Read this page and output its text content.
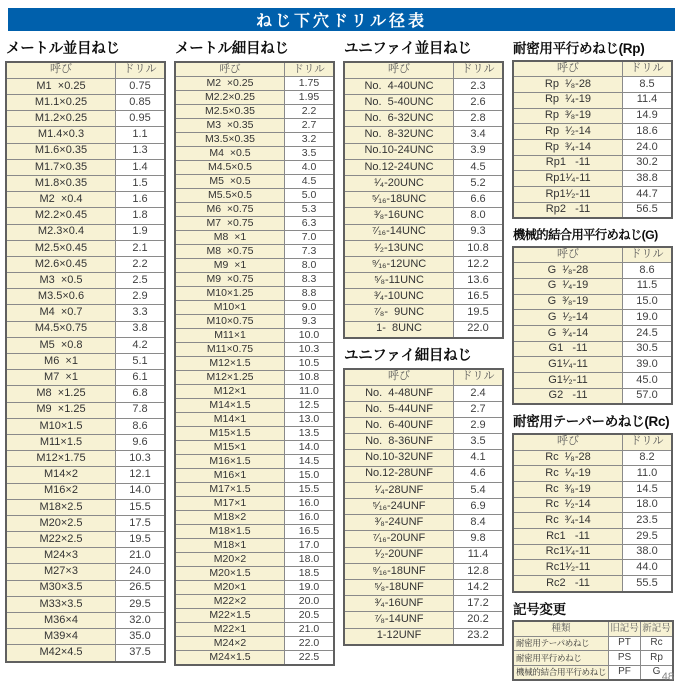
ねじ下穴ドリル径表
メートル並目ねじ
呼び	ドリル
M1  ×0.25	0.75
M1.1×0.25	0.85
M1.2×0.25	0.95
M1.4×0.3	1.1
M1.6×0.35	1.3
M1.7×0.35	1.4
M1.8×0.35	1.5
M2  ×0.4	1.6
M2.2×0.45	1.8
M2.3×0.4	1.9
M2.5×0.45	2.1
M2.6×0.45	2.2
M3  ×0.5	2.5
M3.5×0.6	2.9
M4  ×0.7	3.3
M4.5×0.75	3.8
M5  ×0.8	4.2
M6  ×1	5.1
M7  ×1	6.1
M8  ×1.25	6.8
M9  ×1.25	7.8
M10×1.5	8.6
M11×1.5	9.6
M12×1.75	10.3
M14×2	12.1
M16×2	14.0
M18×2.5	15.5
M20×2.5	17.5
M22×2.5	19.5
M24×3	21.0
M27×3	24.0
M30×3.5	26.5
M33×3.5	29.5
M36×4	32.0
M39×4	35.0
M42×4.5	37.5
メートル細目ねじ
呼び	ドリル
M2  ×0.25	1.75
M2.2×0.25	1.95
M2.5×0.35	2.2
M3  ×0.35	2.7
M3.5×0.35	3.2
M4  ×0.5	3.5
M4.5×0.5	4.0
M5  ×0.5	4.5
M5.5×0.5	5.0
M6  ×0.75	5.3
M7  ×0.75	6.3
M8  ×1	7.0
M8  ×0.75	7.3
M9  ×1	8.0
M9  ×0.75	8.3
M10×1.25	8.8
M10×1	9.0
M10×0.75	9.3
M11×1	10.0
M11×0.75	10.3
M12×1.5	10.5
M12×1.25	10.8
M12×1	11.0
M14×1.5	12.5
M14×1	13.0
M15×1.5	13.5
M15×1	14.0
M16×1.5	14.5
M16×1	15.0
M17×1.5	15.5
M17×1	16.0
M18×2	16.0
M18×1.5	16.5
M18×1	17.0
M20×2	18.0
M20×1.5	18.5
M20×1	19.0
M22×2	20.0
M22×1.5	20.5
M22×1	21.0
M24×2	22.0
M24×1.5	22.5
ユニファイ並目ねじ
呼び	ドリル
No.  4-40UNC	2.3
No.  5-40UNC	2.6
No.  6-32UNC	2.8
No.  8-32UNC	3.4
No.10-24UNC	3.9
No.12-24UNC	4.5
¹⁄₄-20UNC	5.2
⁵⁄₁₆-18UNC	6.6
³⁄₈-16UNC	8.0
⁷⁄₁₆-14UNC	9.3
¹⁄₂-13UNC	10.8
⁹⁄₁₆-12UNC	12.2
⁵⁄₈-11UNC	13.6
³⁄₄-10UNC	16.5
⁷⁄₈-  9UNC	19.5
1-  8UNC	22.0
ユニファイ細目ねじ
呼び	ドリル
No.  4-48UNF	2.4
No.  5-44UNF	2.7
No.  6-40UNF	2.9
No.  8-36UNF	3.5
No.10-32UNF	4.1
No.12-28UNF	4.6
¹⁄₄-28UNF	5.4
⁵⁄₁₆-24UNF	6.9
³⁄₈-24UNF	8.4
⁷⁄₁₆-20UNF	9.8
¹⁄₂-20UNF	11.4
⁹⁄₁₆-18UNF	12.8
⁵⁄₈-18UNF	14.2
³⁄₄-16UNF	17.2
⁷⁄₈-14UNF	20.2
1-12UNF	23.2
耐密用平行めねじ(Rp)
呼び	ドリル
Rp  ¹⁄₈-28	8.5
Rp  ¹⁄₄-19	11.4
Rp  ³⁄₈-19	14.9
Rp  ¹⁄₂-14	18.6
Rp  ³⁄₄-14	24.0
Rp1   -11	30.2
Rp1¹⁄₄-11	38.8
Rp1¹⁄₂-11	44.7
Rp2   -11	56.5
機械的結合用平行めねじ(G)
呼び	ドリル
G  ¹⁄₈-28	8.6
G  ¹⁄₄-19	11.5
G  ³⁄₈-19	15.0
G  ¹⁄₂-14	19.0
G  ³⁄₄-14	24.5
G1   -11	30.5
G1¹⁄₄-11	39.0
G1¹⁄₂-11	45.0
G2   -11	57.0
耐密用テーパーめねじ(Rc)
呼び	ドリル
Rc  ¹⁄₈-28	8.2
Rc  ¹⁄₄-19	11.0
Rc  ³⁄₈-19	14.5
Rc  ¹⁄₂-14	18.0
Rc  ³⁄₄-14	23.5
Rc1   -11	29.5
Rc1¹⁄₄-11	38.0
Rc1¹⁄₂-11	44.0
Rc2   -11	55.5
記号変更
種類	旧記号	新記号
耐密用テーパめねじ	PT	Rc
耐密用平行めねじ	PS	Rp
機械的結合用平行めねじ	PF	G 48
